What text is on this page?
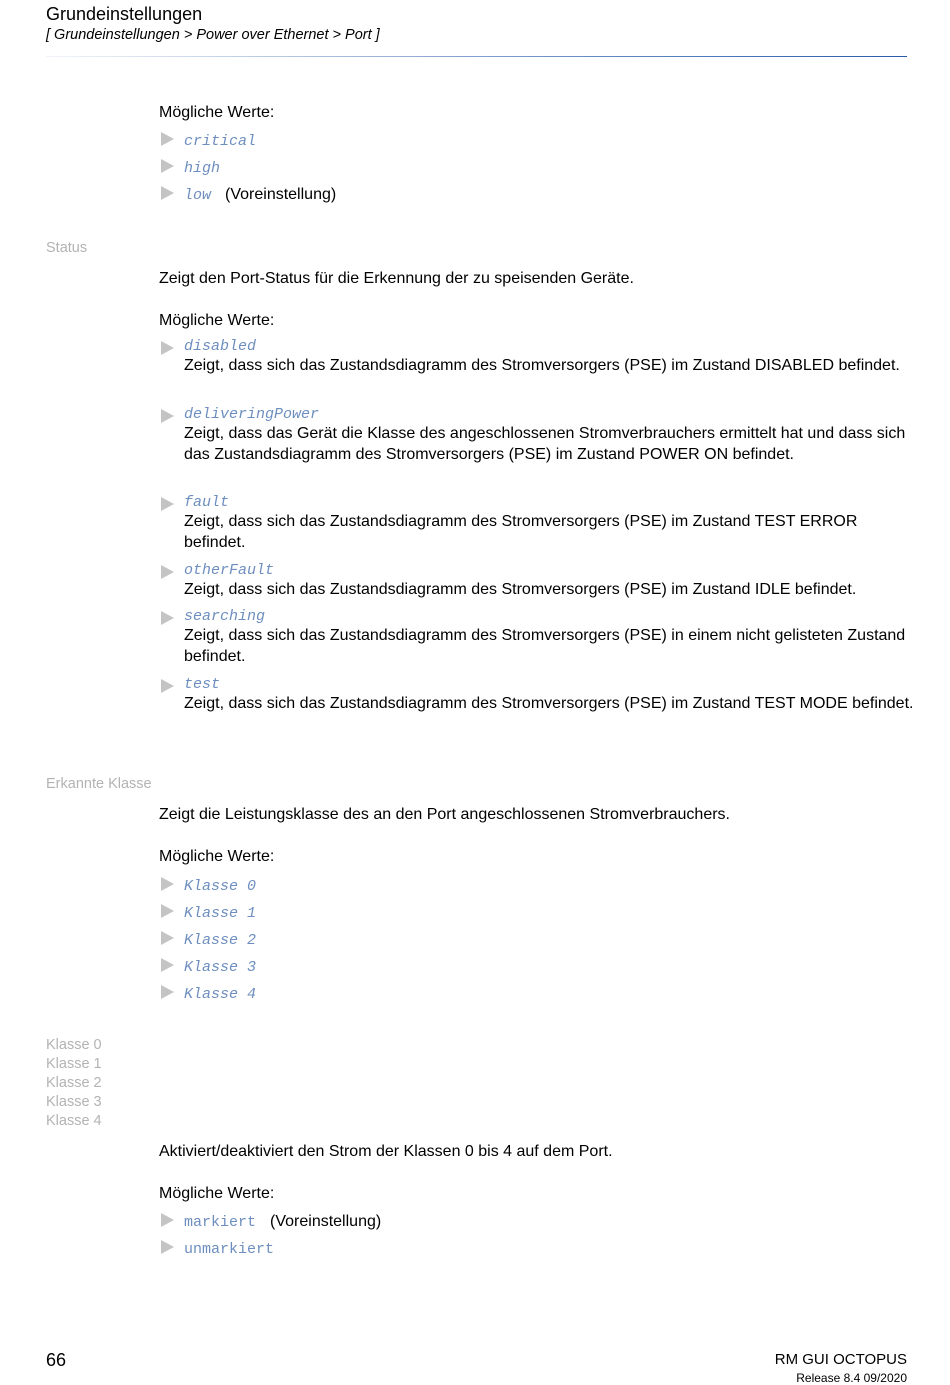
Grundeinstellungen
[ Grundeinstellungen > Power over Ethernet > Port ]
Mögliche Werte:
critical
high
low (Voreinstellung)
Status
Zeigt den Port-Status für die Erkennung der zu speisenden Geräte.
Mögliche Werte:
disabled
Zeigt, dass sich das Zustandsdiagramm des Stromversorgers (PSE) im Zustand DISABLED befindet.
deliveringPower
Zeigt, dass das Gerät die Klasse des angeschlossenen Stromverbrauchers ermittelt hat und dass sich das Zustandsdiagramm des Stromversorgers (PSE) im Zustand POWER ON befindet.
fault
Zeigt, dass sich das Zustandsdiagramm des Stromversorgers (PSE) im Zustand TEST ERROR befindet.
otherFault
Zeigt, dass sich das Zustandsdiagramm des Stromversorgers (PSE) im Zustand IDLE befindet.
searching
Zeigt, dass sich das Zustandsdiagramm des Stromversorgers (PSE) in einem nicht gelisteten Zustand befindet.
test
Zeigt, dass sich das Zustandsdiagramm des Stromversorgers (PSE) im Zustand TEST MODE befindet.
Erkannte Klasse
Zeigt die Leistungsklasse des an den Port angeschlossenen Stromverbrauchers.
Mögliche Werte:
Klasse 0
Klasse 1
Klasse 2
Klasse 3
Klasse 4
Klasse 0
Klasse 1
Klasse 2
Klasse 3
Klasse 4
Aktiviert/deaktiviert den Strom der Klassen 0 bis 4 auf dem Port.
Mögliche Werte:
markiert (Voreinstellung)
unmarkiert
66	RM GUI OCTOPUS
Release 8.4 09/2020
